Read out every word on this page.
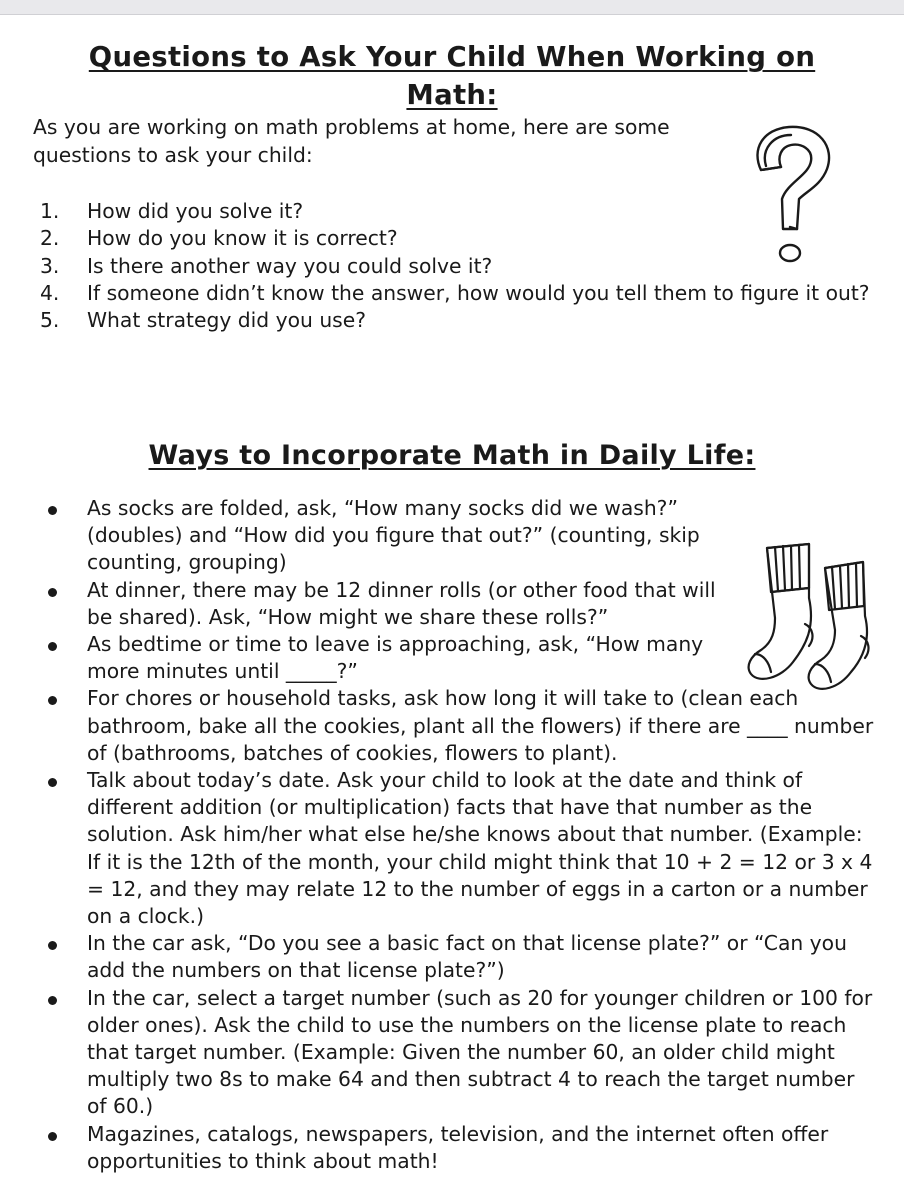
Questions to Ask Your Child When Working on
Math:

As you are working on math problems at home, here are some questions to ask your child:

1. How did you solve it?
2. How do you know it is correct?
3. Is there another way you could solve it?
4. If someone didn’t know the answer, how would you tell them to figure it out?
5. What strategy did you use?
Ways to Incorporate Math in Daily Life:
As socks are folded, ask, “How many socks did we wash?” (doubles) and “How did you figure that out?” (counting, skip counting, grouping)
At dinner, there may be 12 dinner rolls (or other food that will be shared). Ask, “How might we share these rolls?”
As bedtime or time to leave is approaching, ask, “How many more minutes until _____?”
For chores or household tasks, ask how long it will take to (clean each bathroom, bake all the cookies, plant all the flowers) if there are ____ number of (bathrooms, batches of cookies, flowers to plant).
Talk about today’s date. Ask your child to look at the date and think of different addition (or multiplication) facts that have that number as the solution. Ask him/her what else he/she knows about that number. (Example: If it is the 12th of the month, your child might think that 10 + 2 = 12 or 3 x 4 = 12, and they may relate 12 to the number of eggs in a carton or a number on a clock.)
In the car ask, “Do you see a basic fact on that license plate?” or “Can you add the numbers on that license plate?”)
In the car, select a target number (such as 20 for younger children or 100 for older ones). Ask the child to use the numbers on the license plate to reach that target number. (Example: Given the number 60, an older child might multiply two 8s to make 64 and then subtract 4 to reach the target number of 60.)
Magazines, catalogs, newspapers, television, and the internet often offer opportunities to think about math!
